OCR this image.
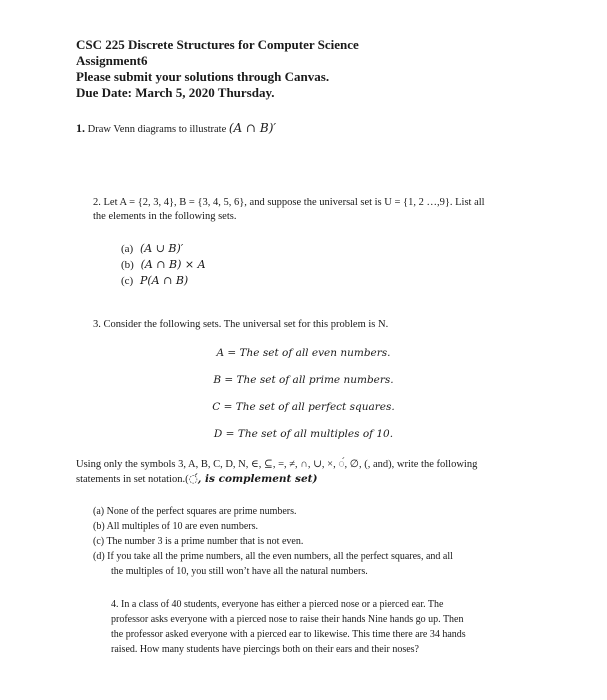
CSC 225 Discrete Structures for Computer Science
Assignment6
Please submit your solutions through Canvas.
Due Date: March 5, 2020 Thursday.
1. Draw Venn diagrams to illustrate (A ∩ B)′
2. Let A = {2, 3, 4}, B = {3, 4, 5, 6}, and suppose the universal set is U = {1, 2 …,9}. List all
the elements in the following sets.
(a) (A ∪ B)′
(b) (A ∩ B) × A
(c) P(A ∩ B)
3. Consider the following sets. The universal set for this problem is N.
A = The set of all even numbers.
B = The set of all prime numbers.
C = The set of all perfect squares.
D = The set of all multiples of 10.
Using only the symbols 3, A, B, C, D, N, ∈, ⊆, =, ≠, ∩, ∪, ×, ◌́, ∅, (, and), write the following
statements in set notation.(◌́, is complement set)
(a) None of the perfect squares are prime numbers.
(b) All multiples of 10 are even numbers.
(c) The number 3 is a prime number that is not even.
(d) If you take all the prime numbers, all the even numbers, all the perfect squares, and all
the multiples of 10, you still won’t have all the natural numbers.
4. In a class of 40 students, everyone has either a pierced nose or a pierced ear. The
professor asks everyone with a pierced nose to raise their hands Nine hands go up. Then
the professor asked everyone with a pierced ear to likewise. This time there are 34 hands
raised. How many students have piercings both on their ears and their noses?
